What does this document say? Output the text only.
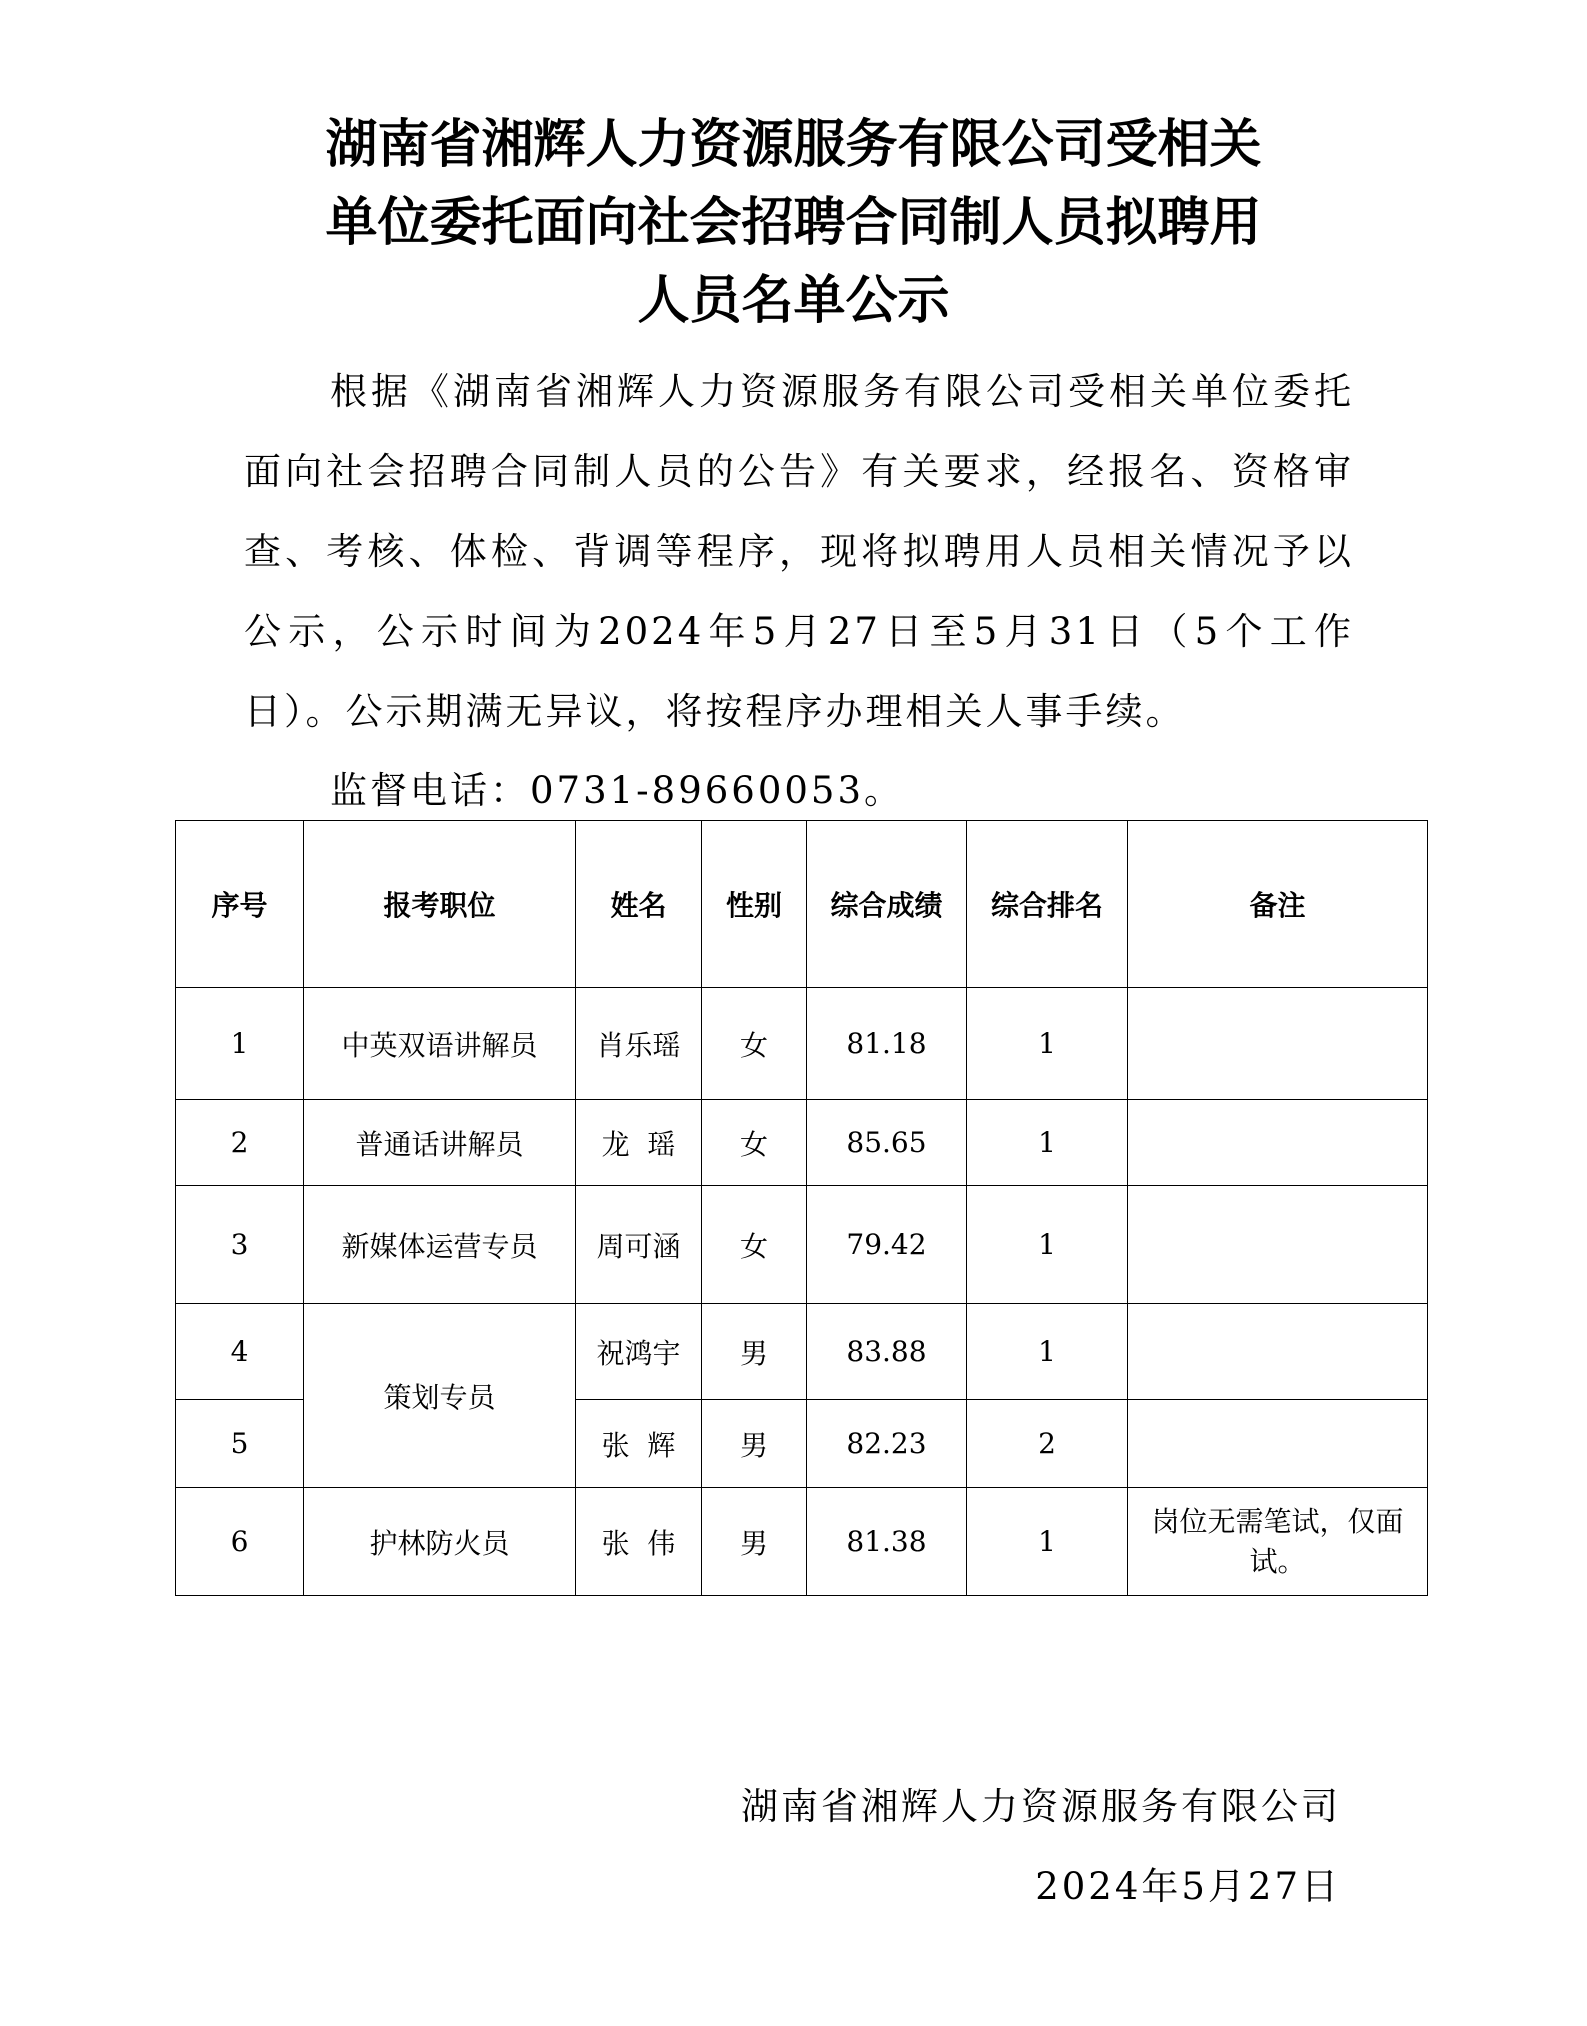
湖南省湘辉人力资源服务有限公司受相关
单位委托面向社会招聘合同制人员拟聘用
人员名单公示

根据《湖南省湘辉人力资源服务有限公司受相关单位委托面向社会招聘合同制人员的公告》有关要求，经报名、资格审查、考核、体检、背调等程序，现将拟聘用人员相关情况予以公示，公示时间为2024年5月27日至5月31日（5个工作日）。公示期满无异议，将按程序办理相关人事手续。

监督电话：0731-89660053。

序号	报考职位	姓名	性别	综合成绩	综合排名	备注
1	中英双语讲解员	肖乐瑶	女	81.18	1	
2	普通话讲解员	龙  瑶	女	85.65	1	
3	新媒体运营专员	周可涵	女	79.42	1	
4	策划专员	祝鸿宇	男	83.88	1	
5		张  辉	男	82.23	2	
6	护林防火员	张  伟	男	81.38	1	岗位无需笔试，仅面试。

湖南省湘辉人力资源服务有限公司

2024年5月27日
